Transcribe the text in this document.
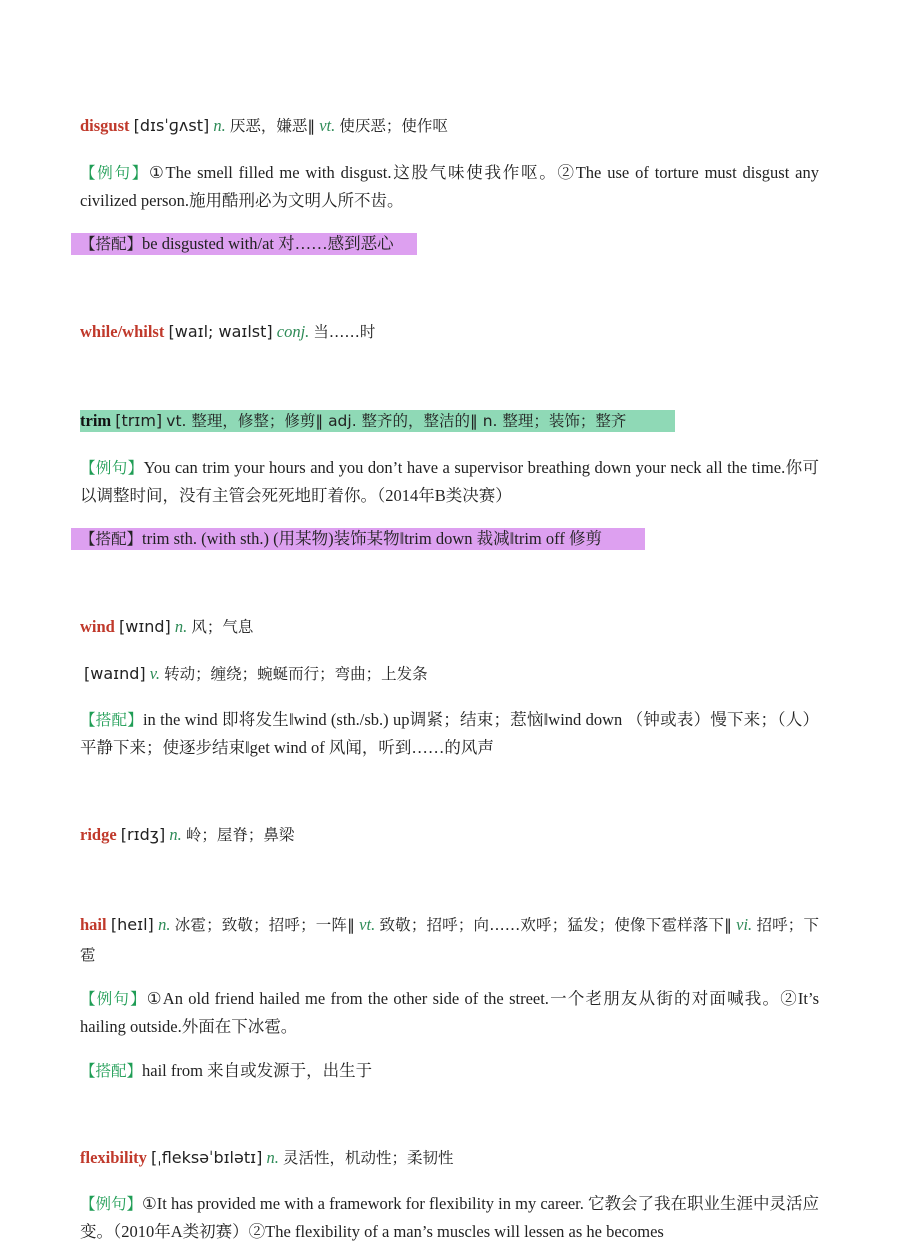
disgust [dɪsˈɡʌst] n. 厌恶，嫌恶‖ vt. 使厌恶；使作呕
【例句】①The smell filled me with disgust.这股气味使我作呕。②The use of torture must disgust any civilized person.施用酷刑必为文明人所不齿。
【搭配】be disgusted with/at 对……感到恶心
while/whilst [waɪl; waɪlst] conj. 当……时
trim [trɪm] vt. 整理，修整；修剪‖ adj. 整齐的，整洁的‖ n. 整理；装饰；整齐
【例句】You can trim your hours and you don’t have a supervisor breathing down your neck all the time.你可以调整时间，没有主管会死死地盯着你。（2014年B类决赛）
【搭配】trim sth. (with sth.) (用某物)装饰某物‖trim down 裁减‖trim off 修剪
wind [wɪnd] n. 风；气息
[waɪnd] v. 转动；缠绕；蜿蜒而行；弯曲；上发条
【搭配】in the wind 即将发生‖wind (sth./sb.) up调紧；结束；惹恼‖wind down （钟或表）慢下来；（人）平静下来；使逐步结束‖get wind of 风闻，听到……的风声
ridge [rɪdʒ] n. 岭；屋脊；鼻梁
hail [heɪl] n. 冰雹；致敬；招呼；一阵‖ vt. 致敬；招呼；向……欢呼；猛发；使像下雹样落下‖ vi. 招呼；下雹
【例句】①An old friend hailed me from the other side of the street.一个老朋友从街的对面喊我。②It’s hailing outside.外面在下冰雹。
【搭配】hail from 来自或发源于，出生于
flexibility [ˌfleksəˈbɪlətɪ] n. 灵活性，机动性；柔韧性
【例句】①It has provided me with a framework for flexibility in my career. 它教会了我在职业生涯中灵活应变。（2010年A类初赛）②The flexibility of a man’s muscles will lessen as he becomes
